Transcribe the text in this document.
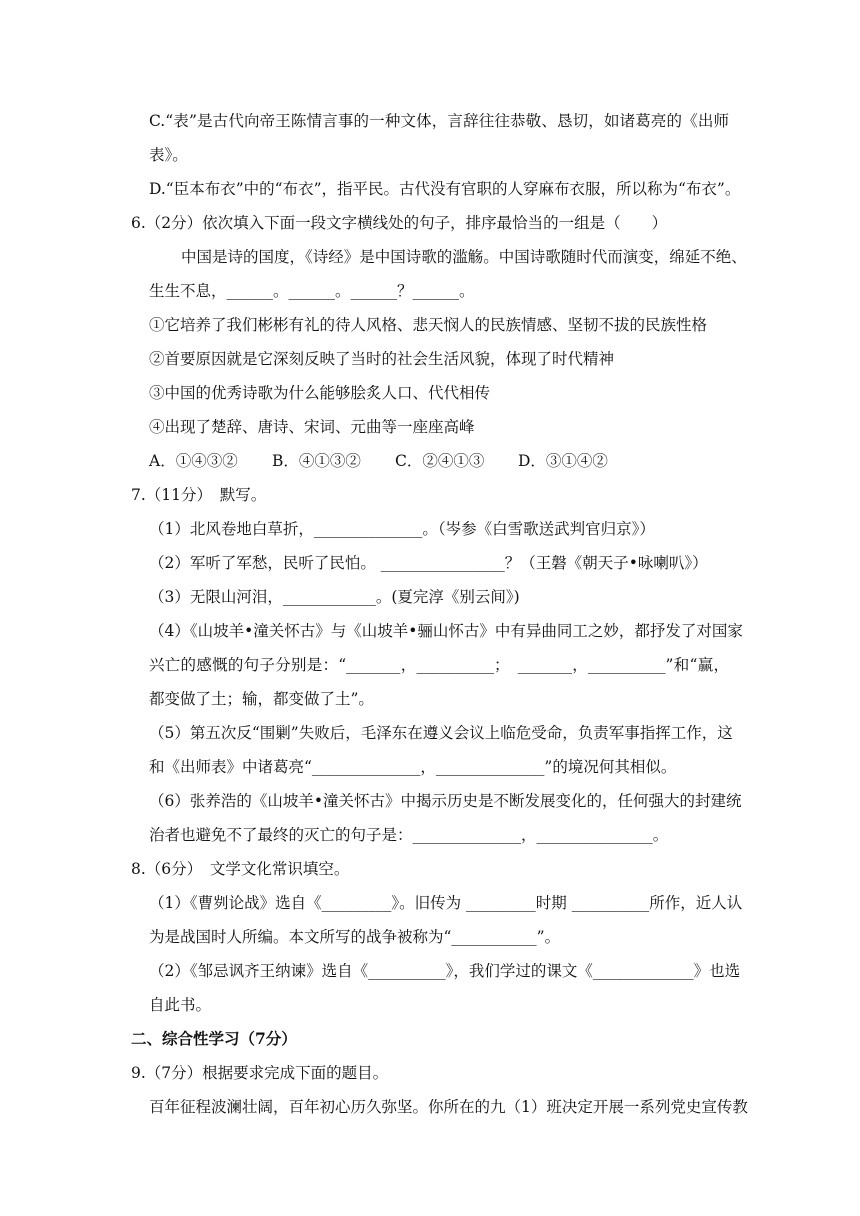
C.“表”是古代向帝王陈情言事的一种文体，言辞往往恭敬、恳切，如诸葛亮的《出师
表》。
D.“臣本布衣”中的“布衣”，指平民。古代没有官职的人穿麻布衣服，所以称为“布衣”。
6.（2分）依次填入下面一段文字横线处的句子，排序最恰当的一组是（　　）
中国是诗的国度，《诗经》是中国诗歌的滥觞。中国诗歌随时代而演变，绵延不绝、
生生不息，______。______。______？______。
①它培养了我们彬彬有礼的待人风格、悲天悯人的民族情感、坚韧不拔的民族性格
②首要原因就是它深刻反映了当时的社会生活风貌，体现了时代精神
③中国的优秀诗歌为什么能够脍炙人口、代代相传
④出现了楚辞、唐诗、宋词、元曲等一座座高峰
A．①④③②	B．④①③②	C．②④①③	D．③①④②
7.（11分）　默写。
（1）北风卷地白草折，______________。（岑参《白雪歌送武判官归京》）
（2）军听了军愁，民听了民怕。 ________________？（王磐《朝天子•咏喇叭》）
（3）无限山河泪，____________。(夏完淳《别云间》)
（4）《山坡羊•潼关怀古》与《山坡羊•骊山怀古》中有异曲同工之妙，都抒发了对国家
兴亡的感慨的句子分别是：“_______，__________；　_______，__________”和“赢，
都变做了土；输，都变做了土”。
（5）第五次反“围剿”失败后，毛泽东在遵义会议上临危受命，负责军事指挥工作，这
和《出师表》中诸葛亮“______________，______________”的境况何其相似。
（6）张养浩的《山坡羊•潼关怀古》中揭示历史是不断发展变化的，任何强大的封建统
治者也避免不了最终的灭亡的句子是：______________，_______________。
8.（6分）　文学文化常识填空。
（1）《曹刿论战》选自《_________》。旧传为 _________时期 __________所作，近人认
为是战国时人所编。本文所写的战争被称为“___________”。
（2）《邹忌讽齐王纳谏》选自《__________》，我们学过的课文《_____________》也选
自此书。
二、综合性学习（7分）
9.（7分）根据要求完成下面的题目。
百年征程波澜壮阔，百年初心历久弥坚。你所在的九（1）班决定开展一系列党史宣传教
